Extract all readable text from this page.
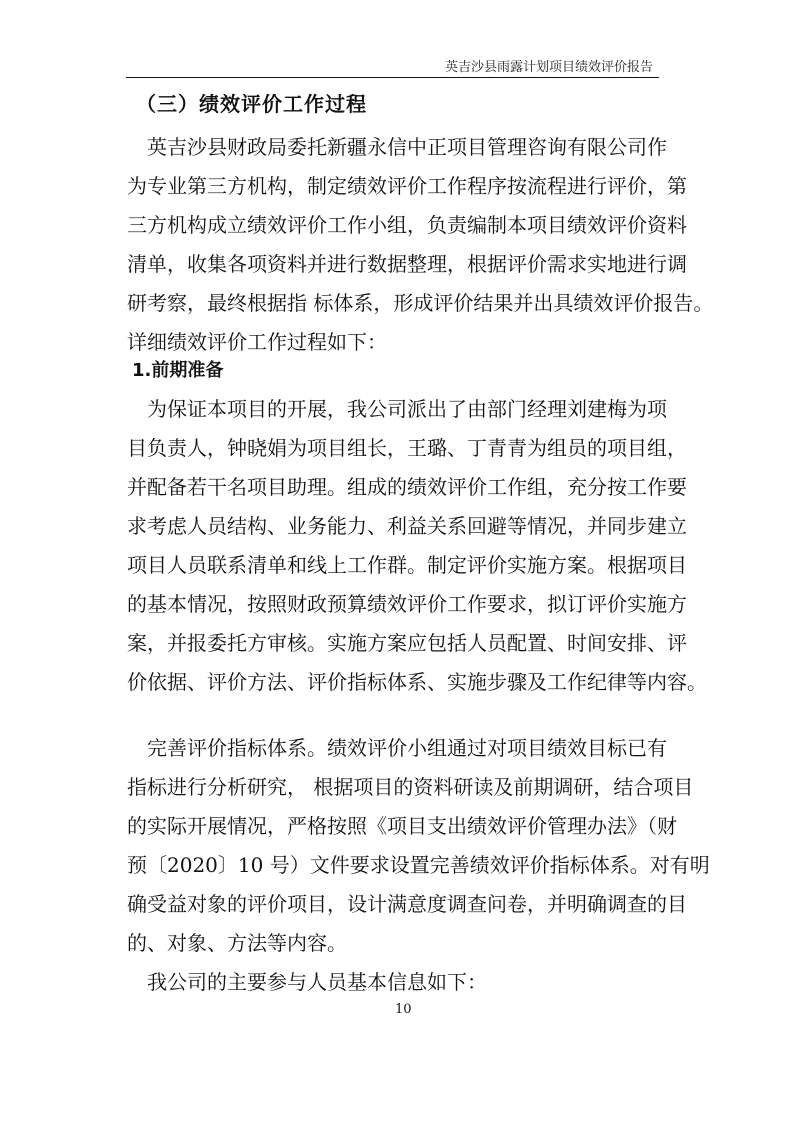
英吉沙县雨露计划项目绩效评价报告
（三）绩效评价工作过程
英吉沙县财政局委托新疆永信中正项目管理咨询有限公司作
为专业第三方机构，制定绩效评价工作程序按流程进行评价，第
三方机构成立绩效评价工作小组，负责编制本项目绩效评价资料
清单，收集各项资料并进行数据整理，根据评价需求实地进行调
研考察，最终根据指 标体系，形成评价结果并出具绩效评价报告。
详细绩效评价工作过程如下：
1.前期准备
为保证本项目的开展，我公司派出了由部门经理刘建梅为项
目负责人，钟晓娟为项目组长，王璐、丁青青为组员的项目组，
并配备若干名项目助理。组成的绩效评价工作组，充分按工作要
求考虑人员结构、业务能力、利益关系回避等情况，并同步建立
项目人员联系清单和线上工作群。制定评价实施方案。根据项目
的基本情况，按照财政预算绩效评价工作要求，拟订评价实施方
案，并报委托方审核。实施方案应包括人员配置、时间安排、评
价依据、评价方法、评价指标体系、实施步骤及工作纪律等内容。
完善评价指标体系。绩效评价小组通过对项目绩效目标已有
指标进行分析研究， 根据项目的资料研读及前期调研，结合项目
的实际开展情况，严格按照《项目支出绩效评价管理办法》（财
预〔2020〕10 号）文件要求设置完善绩效评价指标体系。对有明
确受益对象的评价项目，设计满意度调查问卷，并明确调查的目
的、对象、方法等内容。
我公司的主要参与人员基本信息如下：
10
